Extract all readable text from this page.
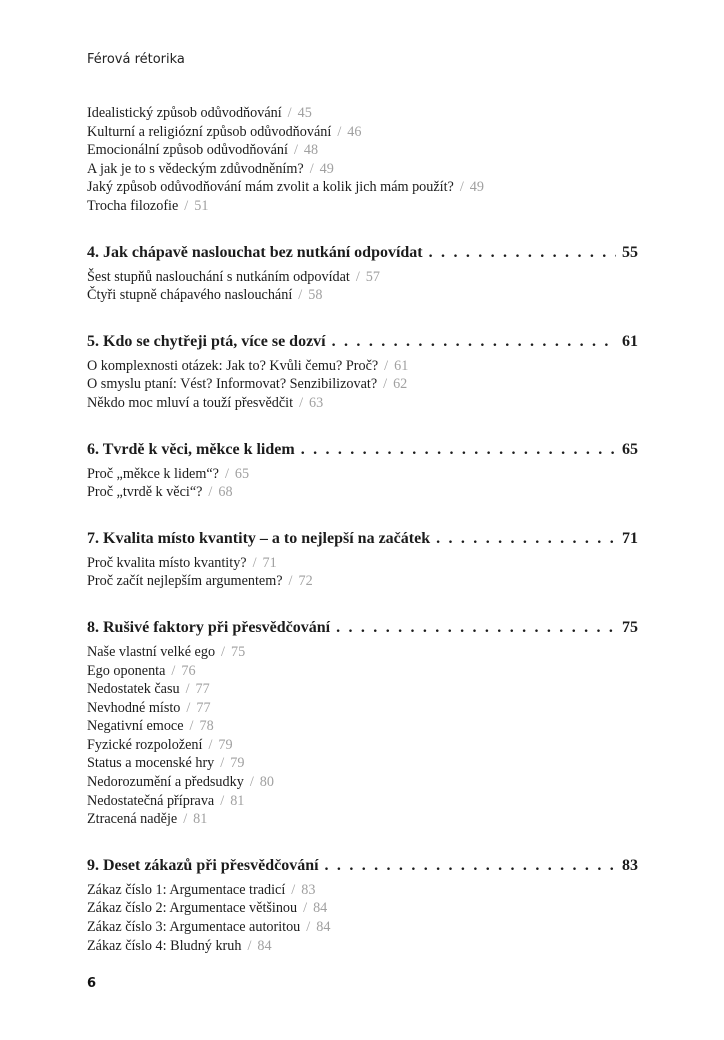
Férová rétorika
Idealistický způsob odůvodňování / 45
Kulturní a religiózní způsob odůvodňování / 46
Emocionální způsob odůvodňování / 48
A jak je to s vědeckým zdůvodněním? / 49
Jaký způsob odůvodňování mám zvolit a kolik jich mám použít? / 49
Trocha filozofie / 51
4. Jak chápavě naslouchat bez nutkání odpovídat . . .	55
Šest stupňů naslouchání s nutkáním odpovídat / 57
Čtyři stupně chápavého naslouchání / 58
5. Kdo se chytřeji ptá, více se dozví . . .	61
O komplexnosti otázek: Jak to? Kvůli čemu? Proč? / 61
O smyslu ptaní: Vést? Informovat? Senzibilizovat? / 62
Někdo moc mluví a touží přesvědčit / 63
6. Tvrdě k věci, měkce k lidem . . .	65
Proč „měkce k lidem“? / 65
Proč „tvrdě k věci“? / 68
7. Kvalita místo kvantity – a to nejlepší na začátek . . .	71
Proč kvalita místo kvantity? / 71
Proč začít nejlepším argumentem? / 72
8. Rušivé faktory při přesvědčování . . .	75
Naše vlastní velké ego / 75
Ego oponenta / 76
Nedostatek času / 77
Nevhodné místo / 77
Negativní emoce / 78
Fyzické rozpoložení / 79
Status a mocenské hry / 79
Nedorozumění a předsudky / 80
Nedostatečná příprava / 81
Ztracená naděje / 81
9. Deset zákazů při přesvědčování . . .	83
Zákaz číslo 1: Argumentace tradicí / 83
Zákaz číslo 2: Argumentace většinou / 84
Zákaz číslo 3: Argumentace autoritou / 84
Zákaz číslo 4: Bludný kruh / 84
6
